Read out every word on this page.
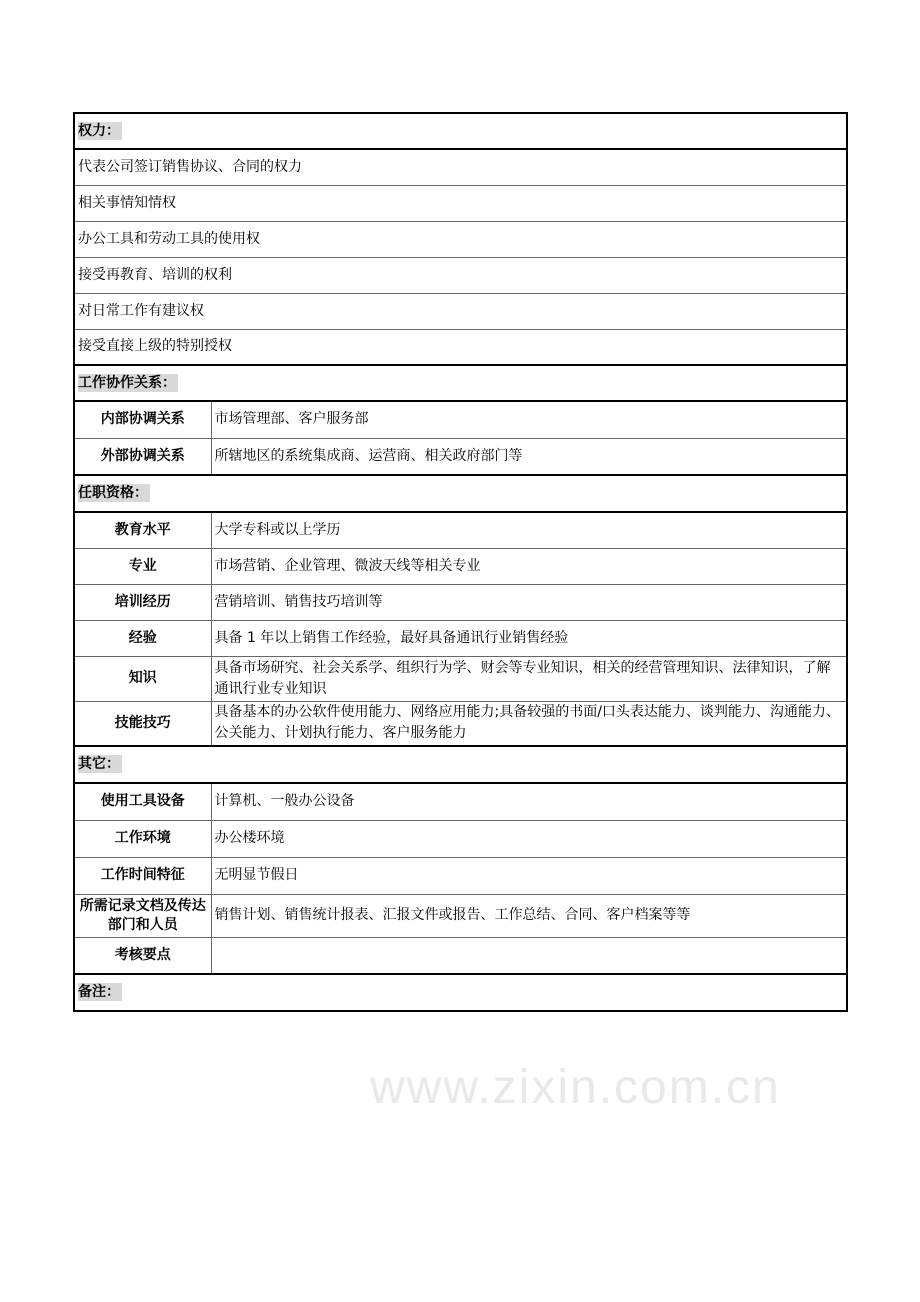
权力：	
代表公司签订销售协议、合同的权力	
相关事情知情权	
办公工具和劳动工具的使用权	
接受再教育、培训的权利	
对日常工作有建议权	
接受直接上级的特别授权	
工作协作关系：	
内部协调关系	市场管理部、客户服务部
外部协调关系	所辖地区的系统集成商、运营商、相关政府部门等
任职资格：	
教育水平	大学专科或以上学历
专业	市场营销、企业管理、微波天线等相关专业
培训经历	营销培训、销售技巧培训等
经验	具备 1 年以上销售工作经验，最好具备通讯行业销售经验
知识	具备市场研究、社会关系学、组织行为学、财会等专业知识，相关的经营管理知识、法律知识，了解通讯行业专业知识
技能技巧	具备基本的办公软件使用能力、网络应用能力;具备较强的书面/口头表达能力、谈判能力、沟通能力、公关能力、计划执行能力、客户服务能力
其它：	
使用工具设备	计算机、一般办公设备
工作环境	办公楼环境
工作时间特征	无明显节假日
所需记录文档及传达部门和人员	销售计划、销售统计报表、汇报文件或报告、工作总结、合同、客户档案等等
考核要点	
备注：	
www.zixin.com.cn
